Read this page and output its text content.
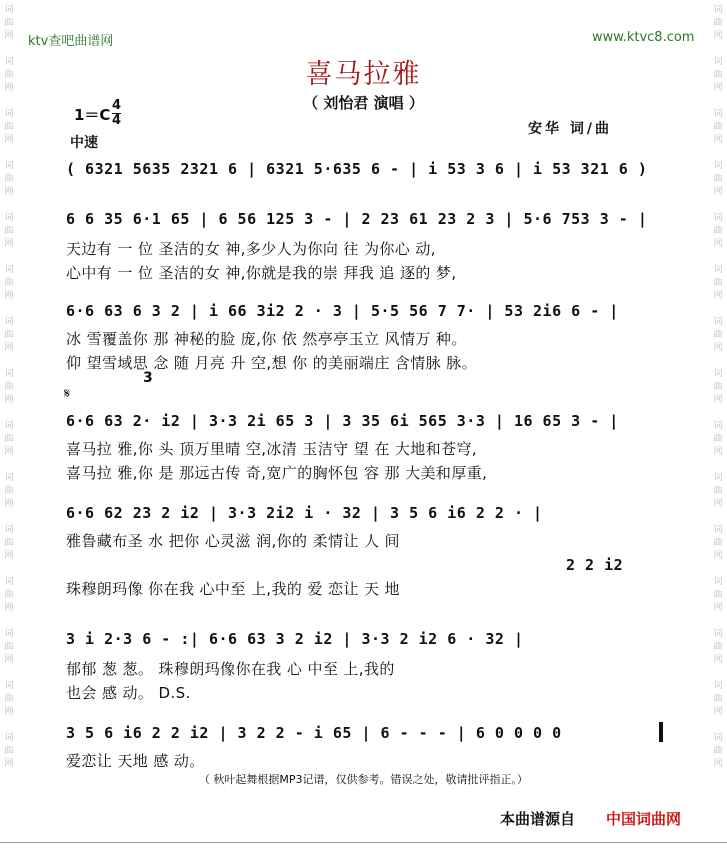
词
曲
网

词
曲
网

词
曲
网

词
曲
网

词
曲
网

词
曲
网

词
曲
网

词
曲
网

词
曲
网

词
曲
网

词
曲
网

词
曲
网

词
曲
网

词
曲
网

词
曲
网
词
曲
网

词
曲
网

词
曲
网

词
曲
网

词
曲
网

词
曲
网

词
曲
网

词
曲
网

词
曲
网

词
曲
网

词
曲
网

词
曲
网

词
曲
网

词
曲
网

词
曲
网
ktv查吧曲谱网	www.ktvc8.com
喜马拉雅
（ 刘怡君 演唱 ）
1＝C
4
4
中速
安华 词/曲
( 6321 5635 2321 6 | 6321 5·635 6 - | i 53 3 6 | i 53 321 6 )
6 6 35 6·1 65 | 6 56 125 3 - | 2 23 61 23 2 3 | 5·6 753 3 - |
天边有 一 位 圣洁的女 神,多少人为你向 往 为你心 动,
心中有 一 位 圣洁的女 神,你就是我的崇 拜我 追 逐的 梦,
6·6 63 6 3 2 | i 66 3i2 2 · 3 | 5·5 56 7 7· | 53 2i6 6 - |
冰 雪覆盖你 那 神秘的脸 庞,你 依 然亭亭玉立 风情万 种。
仰 望雪域思 念 随 月亮 升 空,想 你 的美丽端庄 含情脉 脉。
𝄋
3
6·6 63 2· i2 | 3·3 2i 65 3 | 3 35 6i 565 3·3 | 16 65 3 - |
喜马拉 雅,你 头 顶万里晴 空,冰清 玉洁守 望 在 大地和苍穹,
喜马拉 雅,你 是 那远古传 奇,宽广的胸怀包 容 那 大美和厚重,
6·6 62 23 2 i2 | 3·3 2i2 i · 32 | 3 5 6 i6 2 2 · |
雅鲁藏布圣 水 把你 心灵滋 润,你的 柔情让 人 间
2 2 i2
珠穆朗玛像 你在我 心中至 上,我的 爱 恋让 天 地
3 i 2·3 6 - :| 6·6 63 3 2 i2 | 3·3 2 i2 6 · 32 |
郁郁 葱 葱。 珠穆朗玛像你在我 心 中至 上,我的
也会 感 动。 D.S.
3 5 6 i6 2 2 i2 | 3 2 2 - i 65 | 6 - - - | 6 0 0 0 0
爱恋让 天地 感 动。
（ 秋叶起舞根据MP3记谱，仅供参考。错误之处，敬请批评指正。）
本曲谱源自 中国词曲网
